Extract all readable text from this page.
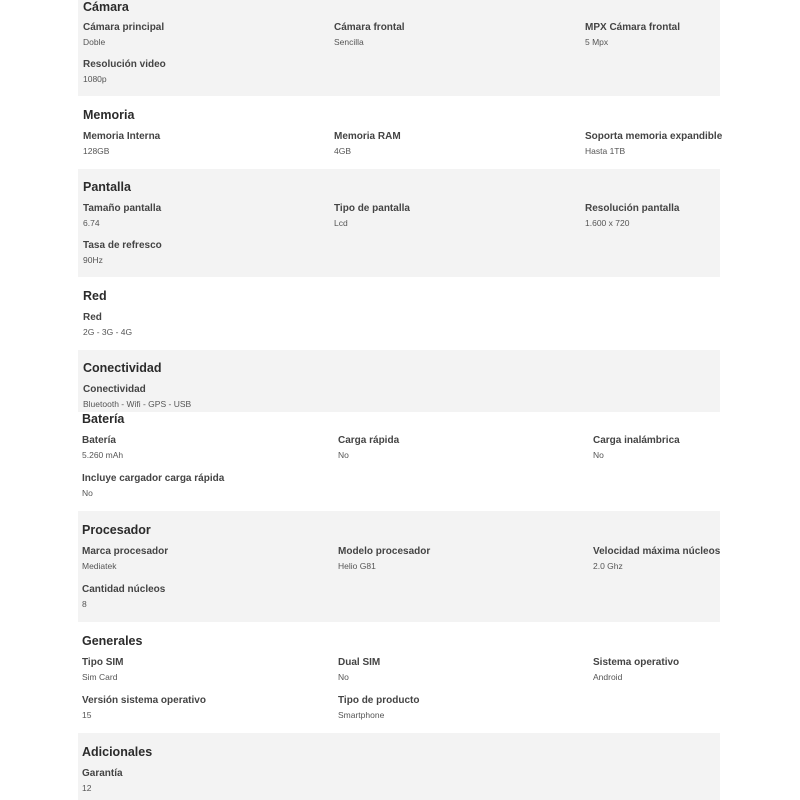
Cámara
Cámara principal
Doble
Cámara frontal
Sencilla
MPX Cámara frontal
5 Mpx
Resolución video
1080p
Memoria
Memoria Interna
128GB
Memoria RAM
4GB
Soporta memoria expandible
Hasta 1TB
Pantalla
Tamaño pantalla
6.74
Tipo de pantalla
Lcd
Resolución pantalla
1.600 x 720
Tasa de refresco
90Hz
Red
Red
2G - 3G - 4G
Conectividad
Conectividad
Bluetooth - Wifi - GPS - USB
Batería
Batería
5.260 mAh
Carga rápida
No
Carga inalámbrica
No
Incluye cargador carga rápida
No
Procesador
Marca procesador
Mediatek
Modelo procesador
Helio G81
Velocidad máxima núcleos
2.0 Ghz
Cantidad núcleos
8
Generales
Tipo SIM
Sim Card
Dual SIM
No
Sistema operativo
Android
Versión sistema operativo
15
Tipo de producto
Smartphone
Adicionales
Garantía
12
